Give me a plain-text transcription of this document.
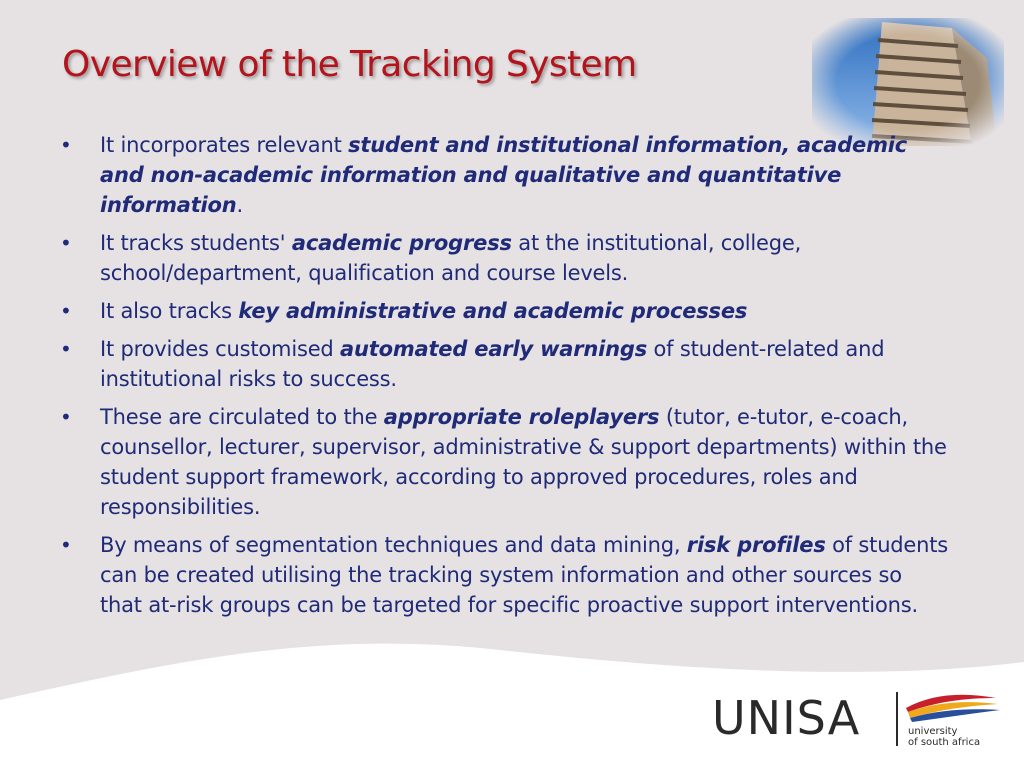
Overview of the Tracking System
• It incorporates relevant student and institutional information, academic and non-academic information and qualitative and quantitative information.
• It tracks students' academic progress at the institutional, college, school/department, qualification and course levels.
• It also tracks key administrative and academic processes
• It provides customised automated early warnings of student-related and institutional risks to success.
• These are circulated to the appropriate roleplayers (tutor, e-tutor, e-coach, counsellor, lecturer, supervisor, administrative & support departments) within the student support framework, according to approved procedures, roles and responsibilities.
• By means of segmentation techniques and data mining, risk profiles of students can be created utilising the tracking system information and other sources so that at-risk groups can be targeted for specific proactive support interventions.

UNISA	university
of south africa
